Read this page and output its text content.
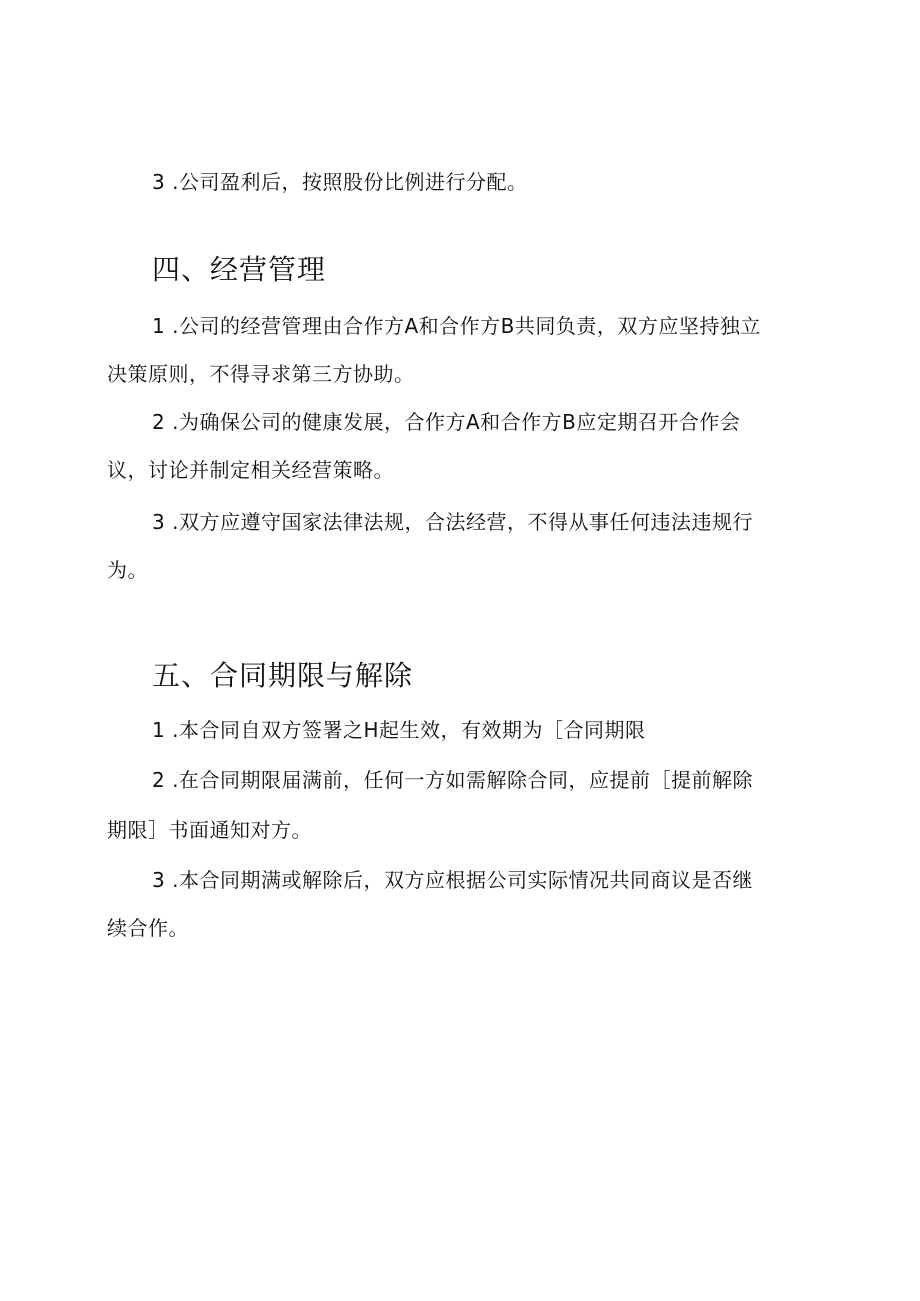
3 .公司盈利后，按照股份比例进行分配。
四、经营管理
1 .公司的经营管理由合作方A和合作方B共同负责，双方应坚持独立
决策原则，不得寻求第三方协助。
2 .为确保公司的健康发展，合作方A和合作方B应定期召开合作会
议，讨论并制定相关经营策略。
3 .双方应遵守国家法律法规，合法经营，不得从事任何违法违规行
为。
五、合同期限与解除
1 .本合同自双方签署之H起生效，有效期为［合同期限
2 .在合同期限届满前，任何一方如需解除合同，应提前［提前解除
期限］书面通知对方。
3 .本合同期满或解除后，双方应根据公司实际情况共同商议是否继
续合作。
